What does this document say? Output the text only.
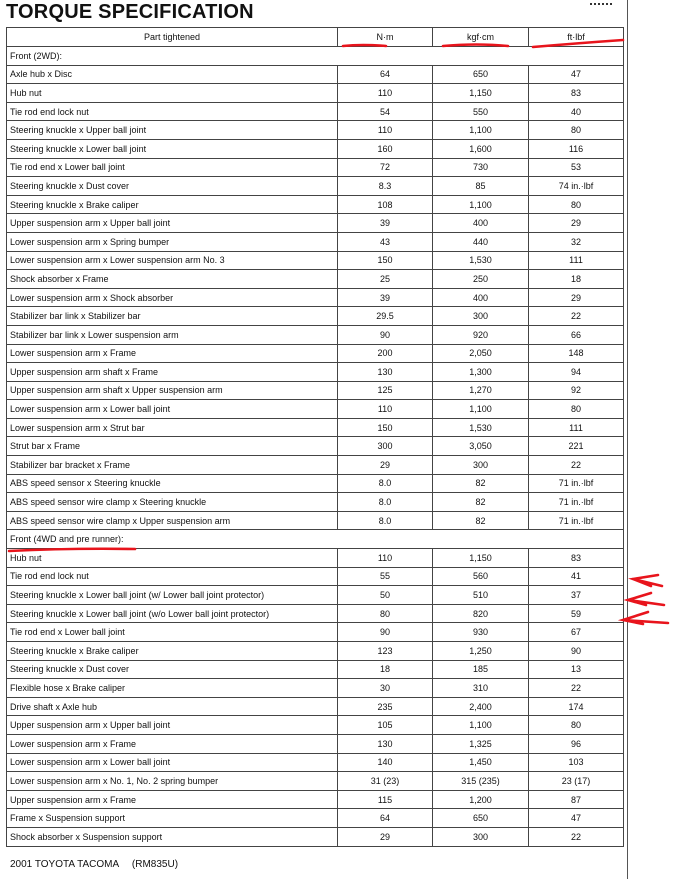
TORQUE SPECIFICATION
Part tightened	N·m	kgf·cm	ft·lbf
Front (2WD):			
Axle hub x Disc	64	650	47
Hub nut	110	1,150	83
Tie rod end lock nut	54	550	40
Steering knuckle x Upper ball joint	110	1,100	80
Steering knuckle x Lower ball joint	160	1,600	116
Tie rod end x Lower ball joint	72	730	53
Steering knuckle x Dust cover	8.3	85	74 in.·lbf
Steering knuckle x Brake caliper	108	1,100	80
Upper suspension arm x Upper ball joint	39	400	29
Lower suspension arm x Spring bumper	43	440	32
Lower suspension arm x Lower suspension arm No. 3	150	1,530	111
Shock absorber x Frame	25	250	18
Lower suspension arm x Shock absorber	39	400	29
Stabilizer bar link x Stabilizer bar	29.5	300	22
Stabilizer bar link x Lower suspension arm	90	920	66
Lower suspension arm x Frame	200	2,050	148
Upper suspension arm shaft x Frame	130	1,300	94
Upper suspension arm shaft x Upper suspension arm	125	1,270	92
Lower suspension arm x Lower ball joint	110	1,100	80
Lower suspension arm x Strut bar	150	1,530	111
Strut bar x Frame	300	3,050	221
Stabilizer bar bracket x Frame	29	300	22
ABS speed sensor x Steering knuckle	8.0	82	71 in.·lbf
ABS speed sensor wire clamp x Steering knuckle	8.0	82	71 in.·lbf
ABS speed sensor wire clamp x Upper suspension arm	8.0	82	71 in.·lbf
Front (4WD and pre runner):			
Hub nut	110	1,150	83
Tie rod end lock nut	55	560	41
Steering knuckle x Lower ball joint (w/ Lower ball joint protector)	50	510	37
Steering knuckle x Lower ball joint (w/o Lower ball joint protector)	80	820	59
Tie rod end x Lower ball joint	90	930	67
Steering knuckle x Brake caliper	123	1,250	90
Steering knuckle x Dust cover	18	185	13
Flexible hose x Brake caliper	30	310	22
Drive shaft x Axle hub	235	2,400	174
Upper suspension arm x Upper ball joint	105	1,100	80
Lower suspension arm x Frame	130	1,325	96
Lower suspension arm x Lower ball joint	140	1,450	103
Lower suspension arm x No. 1, No. 2 spring bumper	31 (23)	315 (235)	23 (17)
Upper suspension arm x Frame	115	1,200	87
Frame x Suspension support	64	650	47
Shock absorber x Suspension support	29	300	22

2001 TOYOTA TACOMA (RM835U)
